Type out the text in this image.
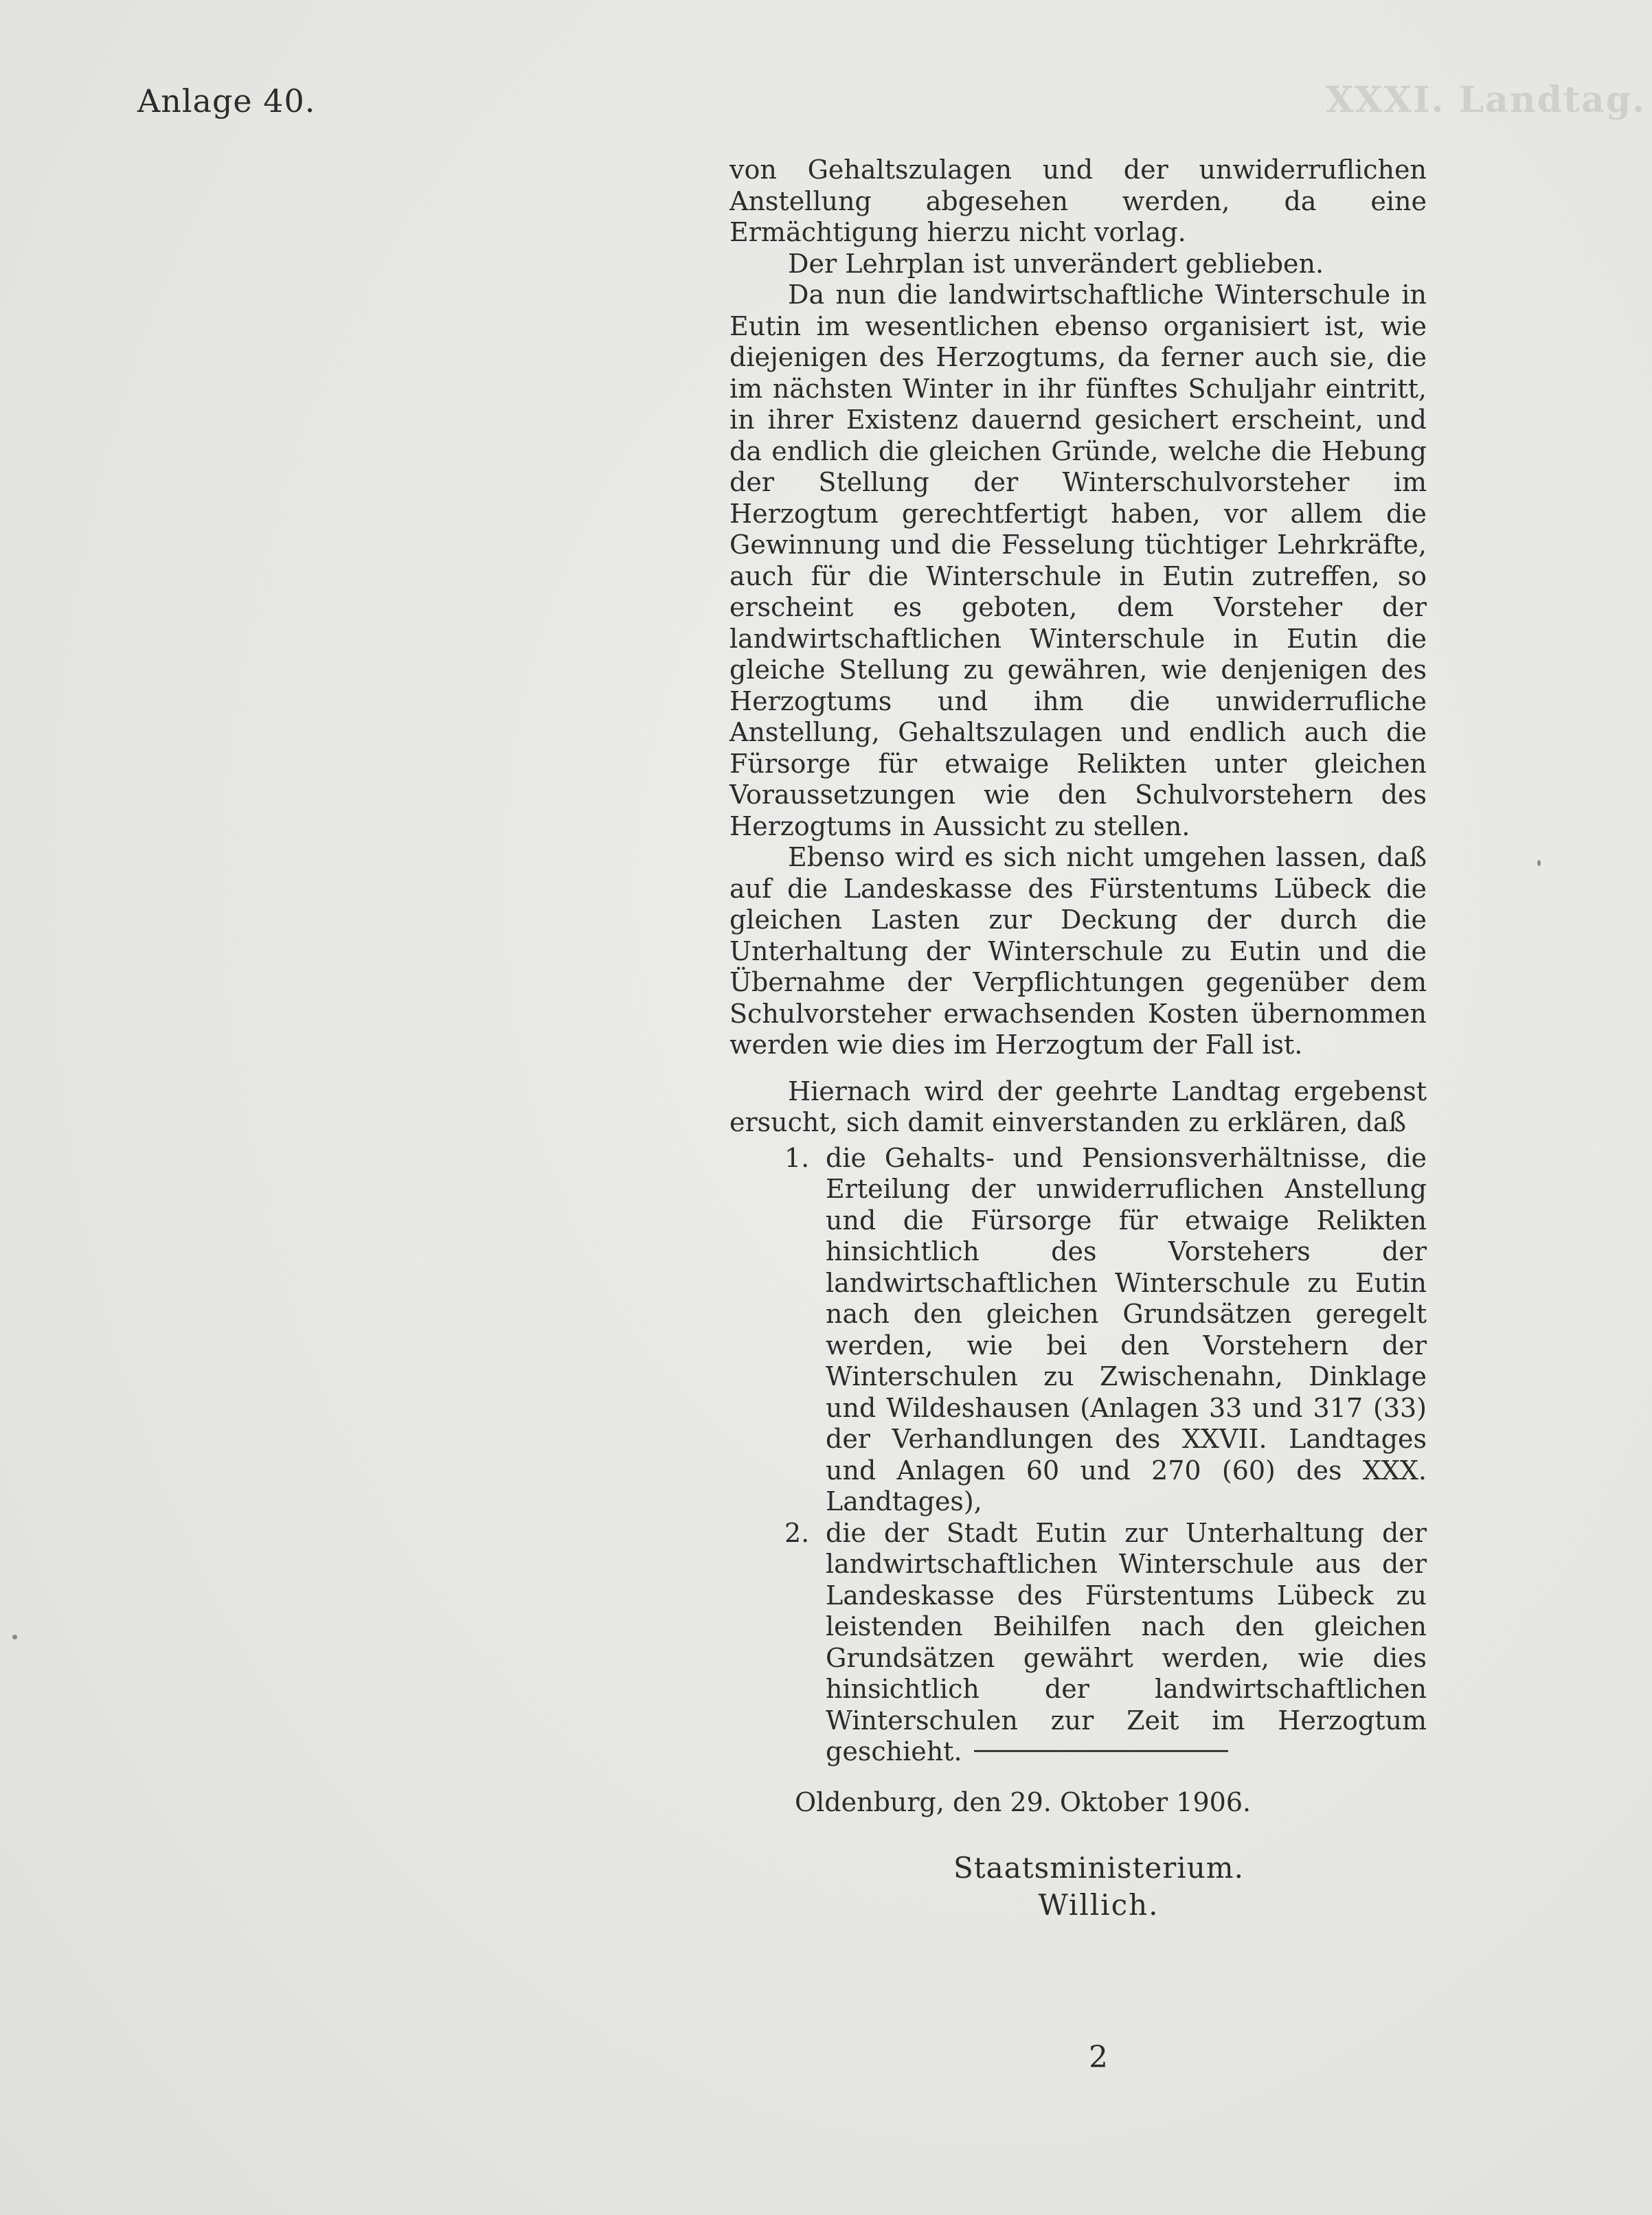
Anlage 40.	XXXI. Landtag.

von Gehaltszulagen und der unwiderruflichen Anstellung abgesehen werden, da eine Ermächtigung hierzu nicht vorlag.

Der Lehrplan ist unverändert geblieben.

Da nun die landwirtschaftliche Winterschule in Eutin im wesentlichen ebenso organisiert ist, wie diejenigen des Herzogtums, da ferner auch sie, die im nächsten Winter in ihr fünftes Schuljahr eintritt, in ihrer Existenz dauernd gesichert erscheint, und da endlich die gleichen Gründe, welche die Hebung der Stellung der Winterschulvorsteher im Herzogtum gerechtfertigt haben, vor allem die Gewinnung und die Fesselung tüchtiger Lehrkräfte, auch für die Winterschule in Eutin zutreffen, so erscheint es geboten, dem Vorsteher der landwirtschaftlichen Winterschule in Eutin die gleiche Stellung zu gewähren, wie denjenigen des Herzogtums und ihm die unwiderrufliche Anstellung, Gehaltszulagen und endlich auch die Fürsorge für etwaige Relikten unter gleichen Voraussetzungen wie den Schulvorstehern des Herzogtums in Aussicht zu stellen.

Ebenso wird es sich nicht umgehen lassen, daß auf die Landeskasse des Fürstentums Lübeck die gleichen Lasten zur Deckung der durch die Unterhaltung der Winterschule zu Eutin und die Übernahme der Verpflichtungen gegenüber dem Schulvorsteher erwachsenden Kosten übernommen werden wie dies im Herzogtum der Fall ist.

Hiernach wird der geehrte Landtag ergebenst ersucht, sich damit einverstanden zu erklären, daß

1. die Gehalts- und Pensionsverhältnisse, die Erteilung der unwiderruflichen Anstellung und die Fürsorge für etwaige Relikten hinsichtlich des Vorstehers der landwirtschaftlichen Winterschule zu Eutin nach den gleichen Grundsätzen geregelt werden, wie bei den Vorstehern der Winterschulen zu Zwischenahn, Dinklage und Wildeshausen (Anlagen 33 und 317 (33) der Verhandlungen des XXVII. Landtages und Anlagen 60 und 270 (60) des XXX. Landtages),
2. die der Stadt Eutin zur Unterhaltung der landwirtschaftlichen Winterschule aus der Landeskasse des Fürstentums Lübeck zu leistenden Beihilfen nach den gleichen Grundsätzen gewährt werden, wie dies hinsichtlich der landwirtschaftlichen Winterschulen zur Zeit im Herzogtum geschieht.
Oldenburg, den 29. Oktober 1906.
Staatsministerium.
Willich.
2
